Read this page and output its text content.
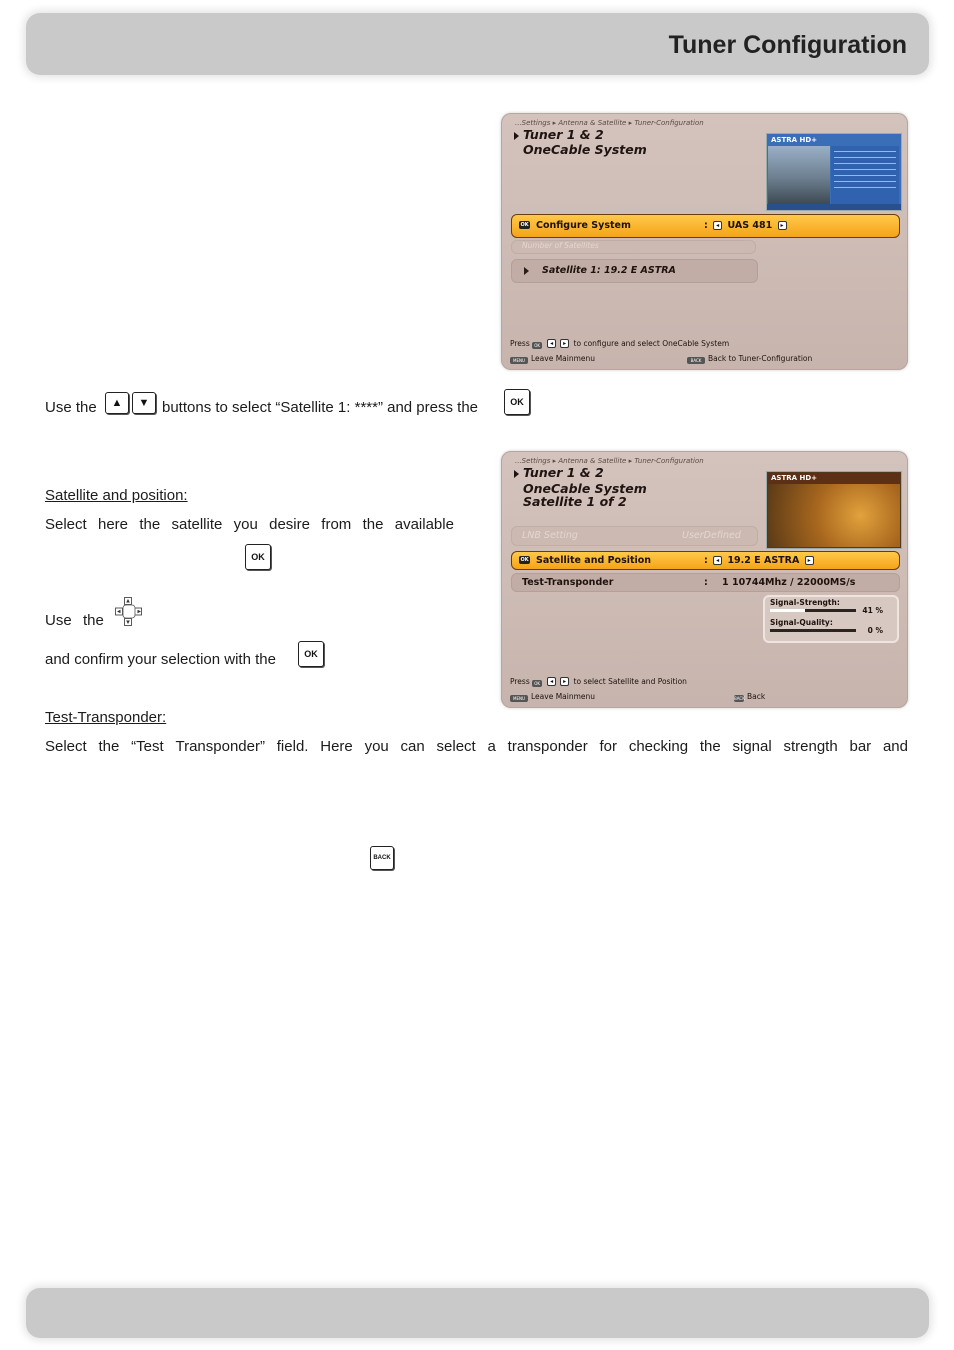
Tuner Configuration
...Settings ▸ Antenna & Satellite ▸ Tuner-Configuration
Tuner 1 & 2
OneCable System
ASTRA HD+
OK Configure System	: ◂ UAS 481 ▸
Number of Satellites
Satellite 1: 19.2 E ASTRA
Press OK ◂ ▸ to configure and select OneCable System
MENU Leave Mainmenu	BACK Back to Tuner-Configuration
Use the	▲	▼ buttons to select “Satellite 1: ****” and press the	OK
Satellite and position:
Select here the satellite you desire from the available
OK
Use the
and confirm your selection with the	OK
...Settings ▸ Antenna & Satellite ▸ Tuner-Configuration
Tuner 1 & 2
OneCable System
Satellite 1 of 2
ASTRA HD+
LNB Setting	UserDefined
OK Satellite and Position	: ◂ 19.2 E ASTRA ▸
Test-Transponder	: 1 10744Mhz / 22000MS/s
Signal-Strength:
41 %
Signal-Quality:
0 %
Press OK ◂ ▸ to select Satellite and Position
MENU Leave Mainmenu	BACK Back
Test-Transponder:
Select the “Test Transponder” field. Here you can select a transponder for checking the signal strength bar and
BACK
